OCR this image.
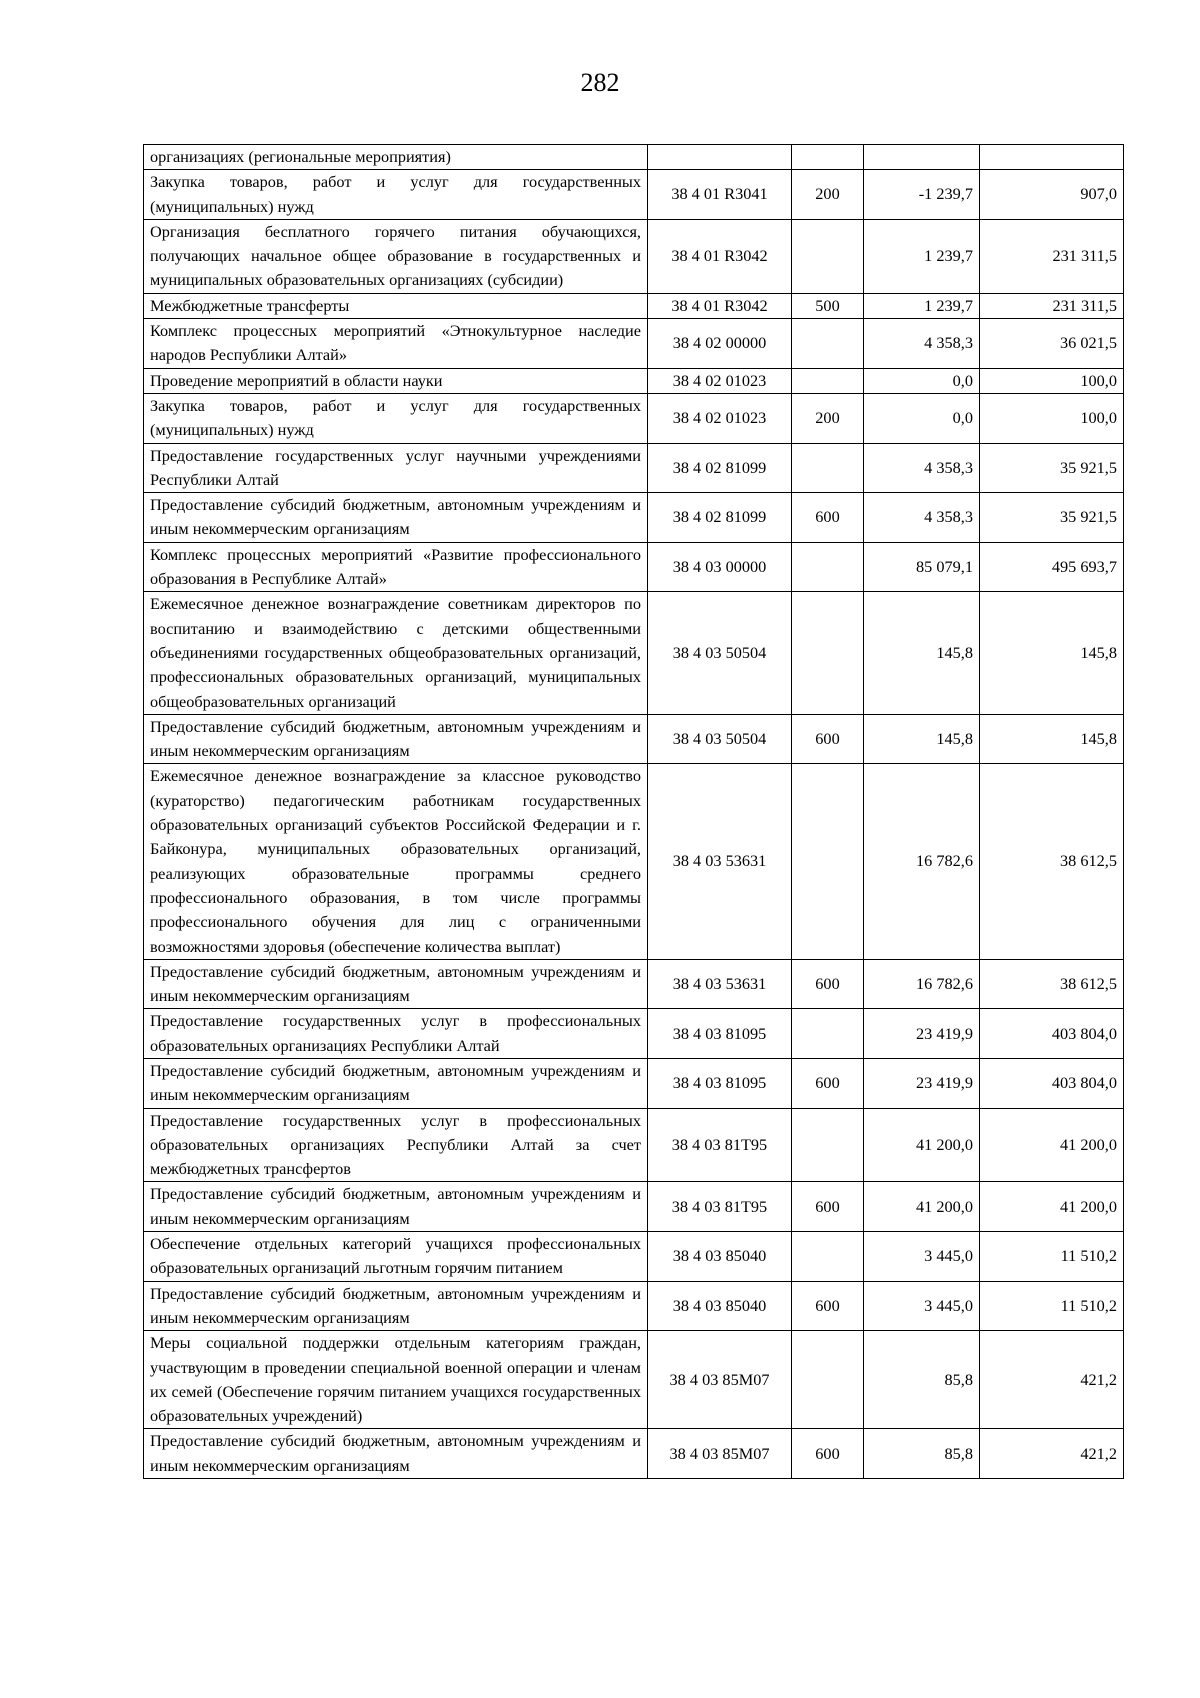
282
организациях (региональные мероприятия)				
Закупка товаров, работ и услуг для государственных (муниципальных) нужд	38 4 01 R3041	200	-1 239,7	907,0
Организация бесплатного горячего питания обучающихся, получающих начальное общее образование в государственных и муниципальных образовательных организациях (субсидии)	38 4 01 R3042		1 239,7	231 311,5
Межбюджетные трансферты	38 4 01 R3042	500	1 239,7	231 311,5
Комплекс процессных мероприятий «Этнокультурное наследие народов Республики Алтай»	38 4 02 00000		4 358,3	36 021,5
Проведение мероприятий в области науки	38 4 02 01023		0,0	100,0
Закупка товаров, работ и услуг для государственных (муниципальных) нужд	38 4 02 01023	200	0,0	100,0
Предоставление государственных услуг научными учреждениями Республики Алтай	38 4 02 81099		4 358,3	35 921,5
Предоставление субсидий бюджетным, автономным учреждениям и иным некоммерческим организациям	38 4 02 81099	600	4 358,3	35 921,5
Комплекс процессных мероприятий «Развитие профессионального образования в Республике Алтай»	38 4 03 00000		85 079,1	495 693,7
Ежемесячное денежное вознаграждение советникам директоров по воспитанию и взаимодействию с детскими общественными объединениями государственных общеобразовательных организаций, профессиональных образовательных организаций, муниципальных общеобразовательных организаций	38 4 03 50504		145,8	145,8
Предоставление субсидий бюджетным, автономным учреждениям и иным некоммерческим организациям	38 4 03 50504	600	145,8	145,8
Ежемесячное денежное вознаграждение за классное руководство (кураторство) педагогическим работникам государственных образовательных организаций субъектов Российской Федерации и г. Байконура, муниципальных образовательных организаций, реализующих образовательные программы среднего профессионального образования, в том числе программы профессионального обучения для лиц с ограниченными возможностями здоровья (обеспечение количества выплат)	38 4 03 53631		16 782,6	38 612,5
Предоставление субсидий бюджетным, автономным учреждениям и иным некоммерческим организациям	38 4 03 53631	600	16 782,6	38 612,5
Предоставление государственных услуг в профессиональных образовательных организациях Республики Алтай	38 4 03 81095		23 419,9	403 804,0
Предоставление субсидий бюджетным, автономным учреждениям и иным некоммерческим организациям	38 4 03 81095	600	23 419,9	403 804,0
Предоставление государственных услуг в профессиональных образовательных организациях Республики Алтай за счет межбюджетных трансфертов	38 4 03 81Т95		41 200,0	41 200,0
Предоставление субсидий бюджетным, автономным учреждениям и иным некоммерческим организациям	38 4 03 81Т95	600	41 200,0	41 200,0
Обеспечение отдельных категорий учащихся профессиональных образовательных организаций льготным горячим питанием	38 4 03 85040		3 445,0	11 510,2
Предоставление субсидий бюджетным, автономным учреждениям и иным некоммерческим организациям	38 4 03 85040	600	3 445,0	11 510,2
Меры социальной поддержки отдельным категориям граждан, участвующим в проведении специальной военной операции и членам их семей (Обеспечение горячим питанием учащихся государственных образовательных учреждений)	38 4 03 85М07		85,8	421,2
Предоставление субсидий бюджетным, автономным учреждениям и иным некоммерческим организациям	38 4 03 85М07	600	85,8	421,2
